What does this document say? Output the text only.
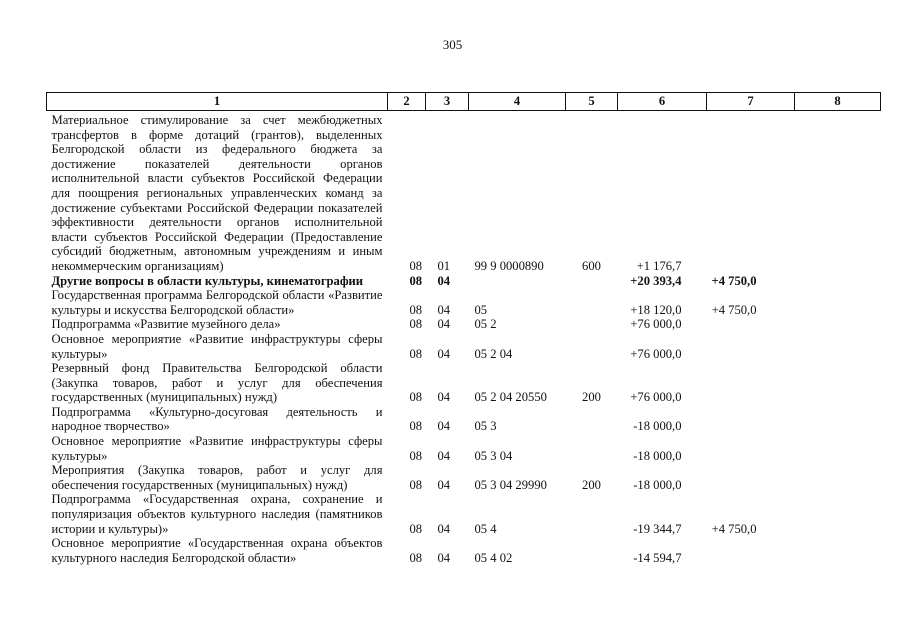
305
1	2	3	4	5	6	7	8
Материальное стимулирование за счет межбюджетных трансфертов в форме дотаций (грантов), выделенных Белгородской области из федерального бюджета за достижение показателей деятельности органов исполнительной власти субъектов Российской Федерации для поощрения региональных управленческих команд за достижение субъектами Российской Федерации показателей эффективности деятельности органов исполнительной власти субъектов Российской Федерации (Предоставление субсидий бюджетным, автономным учреждениям и иным некоммерческим организациям)	08	01	99 9 0000890	600	+1 176,7		
Другие вопросы в области культуры, кинематографии	08	04			+20 393,4	+4 750,0	
Государственная программа Белгородской области «Развитие культуры и искусства Белгородской области»	08	04	05		+18 120,0	+4 750,0	
Подпрограмма «Развитие музейного дела»	08	04	05 2		+76 000,0		
Основное мероприятие «Развитие инфраструктуры сферы культуры»	08	04	05 2 04		+76 000,0		
Резервный фонд Правительства Белгородской области (Закупка товаров, работ и услуг для обеспечения государственных (муниципальных) нужд)	08	04	05 2 04 20550	200	+76 000,0		
Подпрограмма «Культурно-досуговая деятельность и народное творчество»	08	04	05 3		-18 000,0		
Основное мероприятие «Развитие инфраструктуры сферы культуры»	08	04	05 3 04		-18 000,0		
Мероприятия (Закупка товаров, работ и услуг для обеспечения государственных (муниципальных) нужд)	08	04	05 3 04 29990	200	-18 000,0		
Подпрограмма «Государственная охрана, сохранение и популяризация объектов культурного наследия (памятников истории и культуры)»	08	04	05 4		-19 344,7	+4 750,0	
Основное мероприятие «Государственная охрана объектов культурного наследия Белгородской области»	08	04	05 4 02		-14 594,7		
